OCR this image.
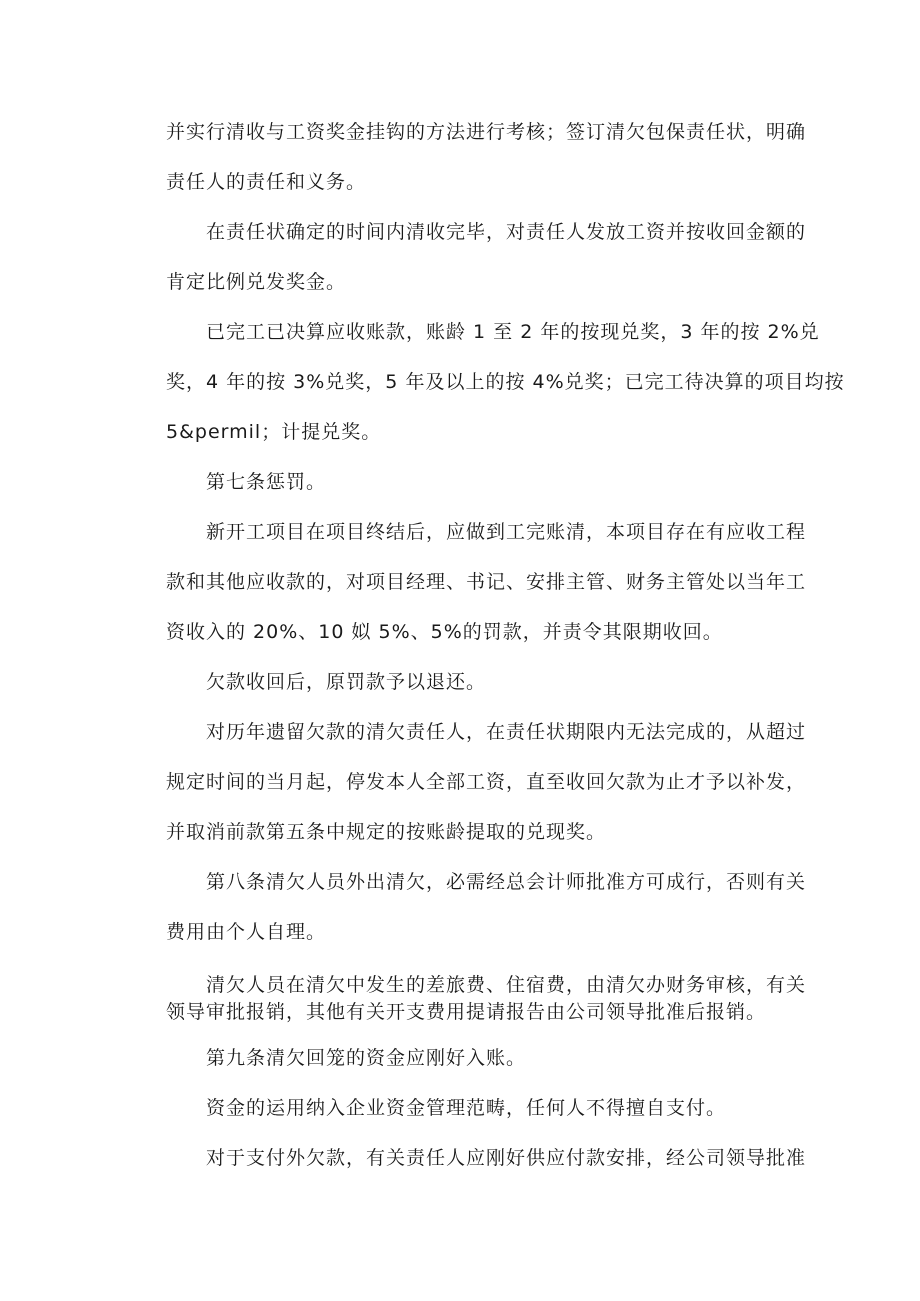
并实行清收与工资奖金挂钩的方法进行考核；签订清欠包保责任状，明确
责任人的责任和义务。
在责任状确定的时间内清收完毕，对责任人发放工资并按收回金额的
肯定比例兑发奖金。
已完工已决算应收账款，账龄 1 至 2 年的按现兑奖，3 年的按 2%兑
奖，4 年的按 3%兑奖，5 年及以上的按 4%兑奖；已完工待决算的项目均按
5&permil；计提兑奖。
第七条惩罚。
新开工项目在项目终结后，应做到工完账清，本项目存在有应收工程
款和其他应收款的，对项目经理、书记、安排主管、财务主管处以当年工
资收入的 20%、10 姒 5%、5%的罚款，并责令其限期收回。
欠款收回后，原罚款予以退还。
对历年遗留欠款的清欠责任人，在责任状期限内无法完成的，从超过
规定时间的当月起，停发本人全部工资，直至收回欠款为止才予以补发，
并取消前款第五条中规定的按账龄提取的兑现奖。
第八条清欠人员外出清欠，必需经总会计师批准方可成行，否则有关
费用由个人自理。
清欠人员在清欠中发生的差旅费、住宿费，由清欠办财务审核，有关
领导审批报销，其他有关开支费用提请报告由公司领导批准后报销。
第九条清欠回笼的资金应刚好入账。
资金的运用纳入企业资金管理范畴，任何人不得擅自支付。
对于支付外欠款，有关责任人应刚好供应付款安排，经公司领导批准
